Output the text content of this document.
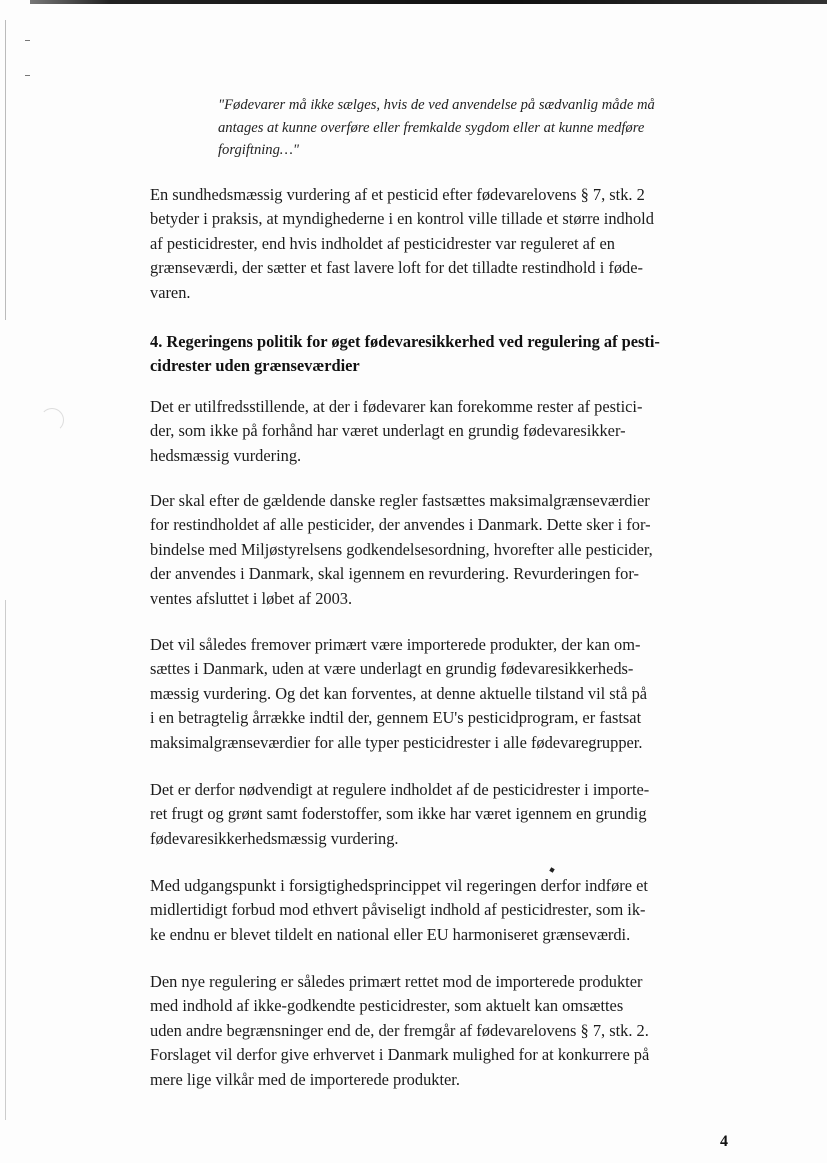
"Fødevarer må ikke sælges, hvis de ved anvendelse på sædvanlig måde må
antages at kunne overføre eller fremkalde sygdom eller at kunne medføre
forgiftning…"
En sundhedsmæssig vurdering af et pesticid efter fødevarelovens § 7, stk. 2
betyder i praksis, at myndighederne i en kontrol ville tillade et større indhold
af pesticidrester, end hvis indholdet af pesticidrester var reguleret af en
grænseværdi, der sætter et fast lavere loft for det tilladte restindhold i føde-
varen.
4. Regeringens politik for øget fødevaresikkerhed ved regulering af pesti-
cidrester uden grænseværdier
Det er utilfredsstillende, at der i fødevarer kan forekomme rester af pestici-
der, som ikke på forhånd har været underlagt en grundig fødevaresikker-
hedsmæssig vurdering.
Der skal efter de gældende danske regler fastsættes maksimalgrænseværdier
for restindholdet af alle pesticider, der anvendes i Danmark. Dette sker i for-
bindelse med Miljøstyrelsens godkendelsesordning, hvorefter alle pesticider,
der anvendes i Danmark, skal igennem en revurdering. Revurderingen for-
ventes afsluttet i løbet af 2003.
Det vil således fremover primært være importerede produkter, der kan om-
sættes i Danmark, uden at være underlagt en grundig fødevaresikkerheds-
mæssig vurdering. Og det kan forventes, at denne aktuelle tilstand vil stå på
i en betragtelig årrække indtil der, gennem EU's pesticidprogram, er fastsat
maksimalgrænseværdier for alle typer pesticidrester i alle fødevaregrupper.
Det er derfor nødvendigt at regulere indholdet af de pesticidrester i importe-
ret frugt og grønt samt foderstoffer, som ikke har været igennem en grundig
fødevaresikkerhedsmæssig vurdering.
Med udgangspunkt i forsigtighedsprincippet vil regeringen derfor indføre et
midlertidigt forbud mod ethvert påviseligt indhold af pesticidrester, som ik-
ke endnu er blevet tildelt en national eller EU harmoniseret grænseværdi.
Den nye regulering er således primært rettet mod de importerede produkter
med indhold af ikke-godkendte pesticidrester, som aktuelt kan omsættes
uden andre begrænsninger end de, der fremgår af fødevarelovens § 7, stk. 2.
Forslaget vil derfor give erhvervet i Danmark mulighed for at konkurrere på
mere lige vilkår med de importerede produkter.
4
